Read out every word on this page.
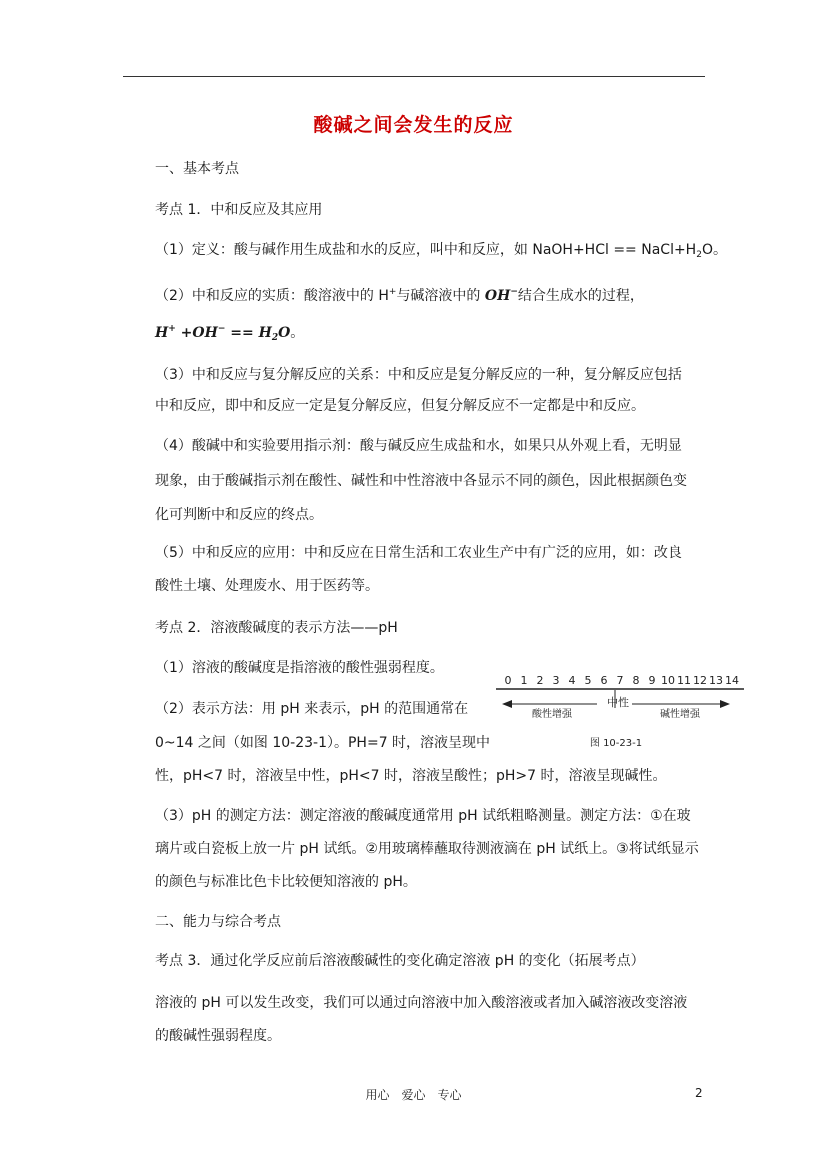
酸碱之间会发生的反应
一、基本考点
考点 1．中和反应及其应用
（1）定义：酸与碱作用生成盐和水的反应，叫中和反应，如 NaOH+HCl == $NaCl+H_2O$。
（2）中和反应的实质：酸溶液中的 H+与碱溶液中的 OH−结合生成水的过程，
$H^+ +OH^- == H_2O$。
（3）中和反应与复分解反应的关系：中和反应是复分解反应的一种，复分解反应包括
中和反应，即中和反应一定是复分解反应，但复分解反应不一定都是中和反应。
（4）酸碱中和实验要用指示剂：酸与碱反应生成盐和水，如果只从外观上看，无明显
现象，由于酸碱指示剂在酸性、碱性和中性溶液中各显示不同的颜色，因此根据颜色变
化可判断中和反应的终点。
（5）中和反应的应用：中和反应在日常生活和工农业生产中有广泛的应用，如：改良
酸性土壤、处理废水、用于医药等。
考点 2．溶液酸碱度的表示方法——pH
（1）溶液的酸碱度是指溶液的酸性强弱程度。
（2）表示方法：用 pH 来表示，pH 的范围通常在
0~14 之间（如图 10-23-1）。PH=7 时，溶液呈现中
性，pH<7 时，溶液呈中性，pH<7 时，溶液呈酸性；pH>7 时，溶液呈现碱性。
0 1 2 3 4 5 6 7 8 9 10 11 12 13 14
中性
酸性增强	碱性增强
图 10-23-1
（3）pH 的测定方法：测定溶液的酸碱度通常用 pH 试纸粗略测量。测定方法：①在玻
璃片或白瓷板上放一片 pH 试纸。②用玻璃棒蘸取待测液滴在 pH 试纸上。③将试纸显示
的颜色与标准比色卡比较便知溶液的 pH。
二、能力与综合考点
考点 3．通过化学反应前后溶液酸碱性的变化确定溶液 pH 的变化（拓展考点）
溶液的 pH 可以发生改变，我们可以通过向溶液中加入酸溶液或者加入碱溶液改变溶液
的酸碱性强弱程度。
用心　爱心　专心	2
